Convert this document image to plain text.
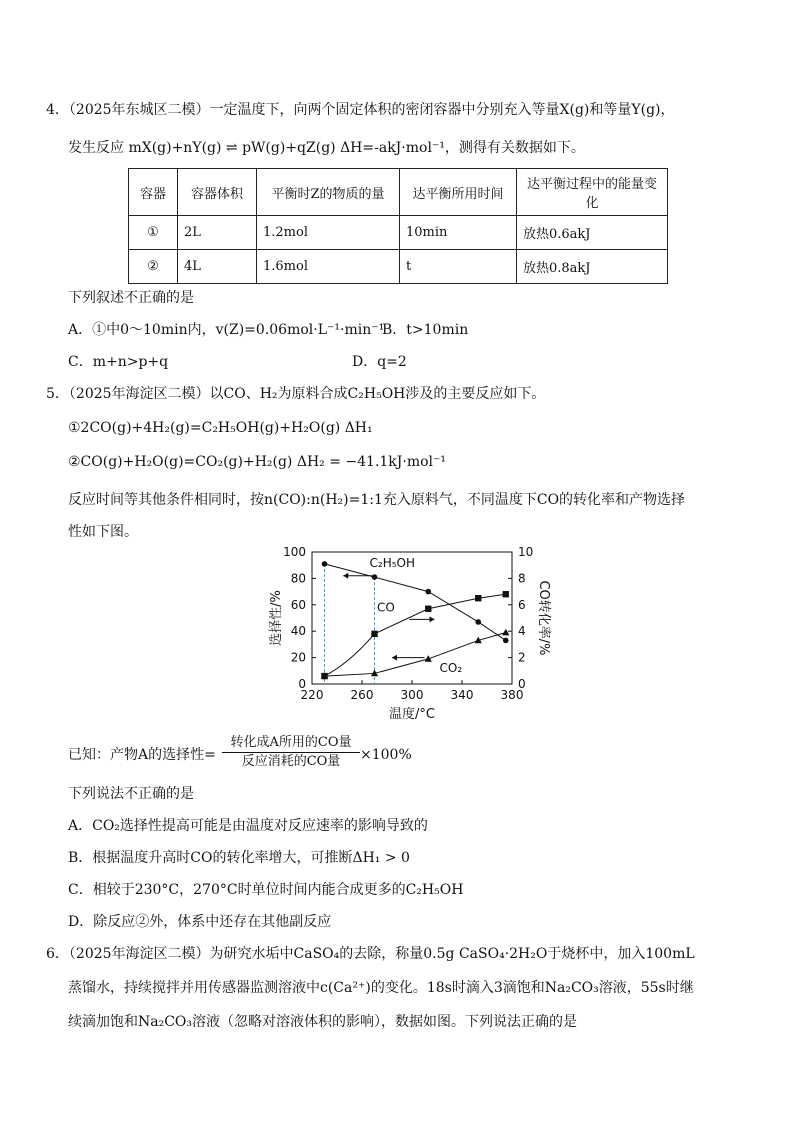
4．（2025年东城区二模）一定温度下，向两个固定体积的密闭容器中分别充入等量X(g)和等量Y(g)，
发生反应 mX(g)+nY(g) ⇌ pW(g)+qZ(g) ΔH=-akJ·mol⁻¹，测得有关数据如下。
容器	容器体积	平衡时Z的物质的量	达平衡所用时间	达平衡过程中的能量变化
①	2L	1.2mol	10min	放热0.6akJ
②	4L	1.6mol	t	放热0.8akJ
下列叙述不正确的是
A．①中0～10min内，v(Z)=0.06mol·L⁻¹·min⁻¹
B．t>10min
C．m+n>p+q	D．q=2
5．（2025年海淀区二模）以CO、H₂为原料合成C₂H₅OH涉及的主要反应如下。
①2CO(g)+4H₂(g)=C₂H₅OH(g)+H₂O(g) ΔH₁
②CO(g)+H₂O(g)=CO₂(g)+H₂(g) ΔH₂ = −41.1kJ·mol⁻¹
反应时间等其他条件相同时，按n(CO):n(H₂)=1:1充入原料气，不同温度下CO的转化率和产物选择
性如下图。
220 260 300 340 380
0
20
40
60
80
100
0
2
4
6
8
10
温度/°C
选择性/%	CO转化率/%
C₂H₅OH
CO
CO₂
已知：产物A的选择性=
转化成A所用的CO量
反应消耗的CO量	×100%
下列说法不正确的是
A．CO₂选择性提高可能是由温度对反应速率的影响导致的
B．根据温度升高时CO的转化率增大，可推断ΔH₁ > 0
C．相较于230°C，270°C时单位时间内能合成更多的C₂H₅OH
D．除反应②外，体系中还存在其他副反应
6．（2025年海淀区二模）为研究水垢中CaSO₄的去除，称量0.5g CaSO₄·2H₂O于烧杯中，加入100mL
蒸馏水，持续搅拌并用传感器监测溶液中c(Ca²⁺)的变化。18s时滴入3滴饱和Na₂CO₃溶液，55s时继
续滴加饱和Na₂CO₃溶液（忽略对溶液体积的影响），数据如图。下列说法正确的是
